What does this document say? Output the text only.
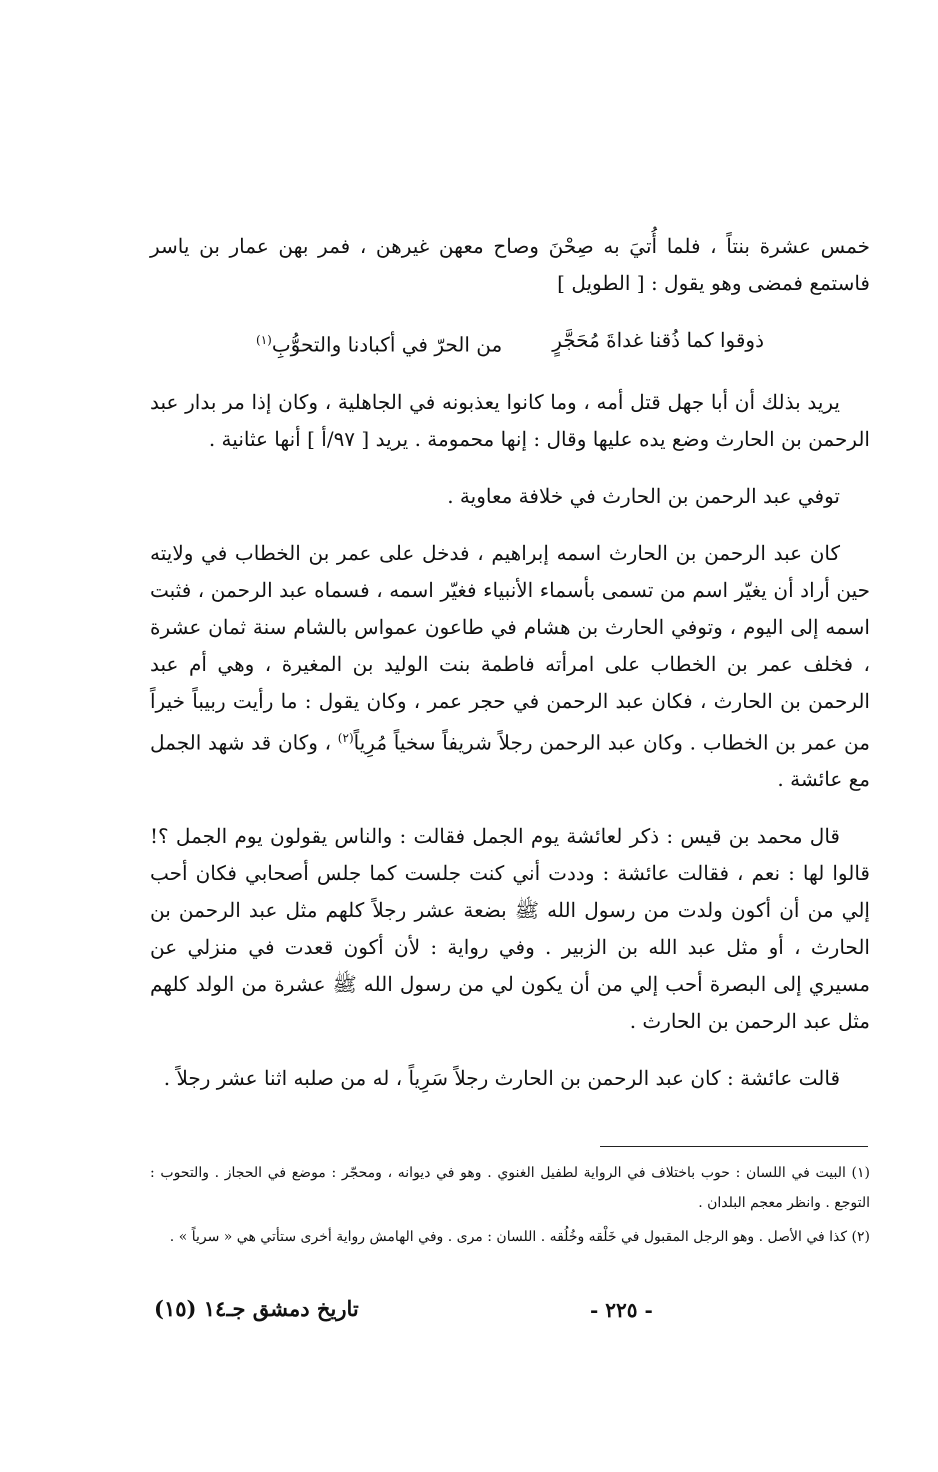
خمس عشرة بنتاً ، فلما أُتيَ به صِحْنَ وصاح معهن غيرهن ، فمر بهن عمار بن ياسر فاستمع فمضى وهو يقول : [ الطويل ]

ذوقوا كما ذُقنا غداةَ مُحَجَّرٍ
من الحرّ في أكبادنا والتحوُّبِ$^{(١)}$

يريد بذلك أن أبا جهل قتل أمه ، وما كانوا يعذبونه في الجاهلية ، وكان إذا مر بدار عبد الرحمن بن الحارث وضع يده عليها وقال : إنها محمومة . يريد [ ٩٧/أ ] أنها عثانية .

توفي عبد الرحمن بن الحارث في خلافة معاوية .

كان عبد الرحمن بن الحارث اسمه إبراهيم ، فدخل على عمر بن الخطاب في ولايته حين أراد أن يغيّر اسم من تسمى بأسماء الأنبياء فغيّر اسمه ، فسماه عبد الرحمن ، فثبت اسمه إلى اليوم ، وتوفي الحارث بن هشام في طاعون عمواس بالشام سنة ثمان عشرة ، فخلف عمر بن الخطاب على امرأته فاطمة بنت الوليد بن المغيرة ، وهي أم عبد الرحمن بن الحارث ، فكان عبد الرحمن في حجر عمر ، وكان يقول : ما رأيت ربيباً خيراً من عمر بن الخطاب . وكان عبد الرحمن رجلاً شريفاً سخياً مُرِياً$^{(٢)}$ ، وكان قد شهد الجمل مع عائشة .

قال محمد بن قيس : ذكر لعائشة يوم الجمل فقالت : والناس يقولون يوم الجمل ؟! قالوا لها : نعم ، فقالت عائشة : وددت أني كنت جلست كما جلس أصحابي فكان أحب إلي من أن أكون ولدت من رسول الله ﷺ بضعة عشر رجلاً كلهم مثل عبد الرحمن بن الحارث ، أو مثل عبد الله بن الزبير . وفي رواية : لأن أكون قعدت في منزلي عن مسيري إلى البصرة أحب إلي من أن يكون لي من رسول الله ﷺ عشرة من الولد كلهم مثل عبد الرحمن بن الحارث .

قالت عائشة : كان عبد الرحمن بن الحارث رجلاً سَرِياً ، له من صلبه اثنا عشر رجلاً .

(١) البيت في اللسان : حوب باختلاف في الرواية لطفيل الغنوي . وهو في ديوانه ، ومحجّر : موضع في الحجاز . والتحوب : التوجع . وانظر معجم البلدان .

(٢) كذا في الأصل . وهو الرجل المقبول في خَلْقه وخُلُقه . اللسان : مرى . وفي الهامش رواية أخرى ستأتي هي « سرياً » .

تاريخ دمشق جـ١٤ (١٥)	- ٢٢٥ -
